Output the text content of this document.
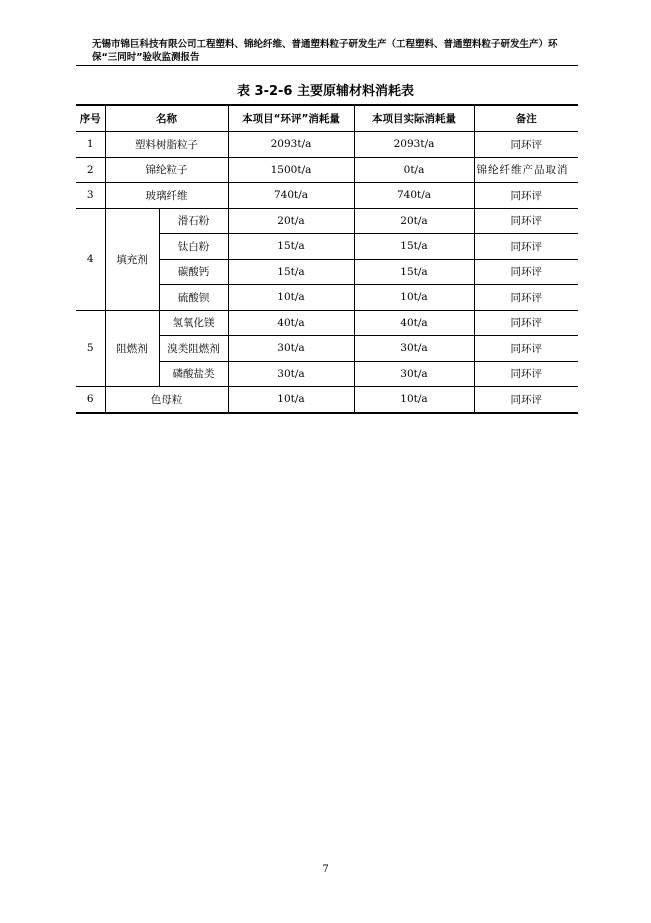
无锡市锦巨科技有限公司工程塑料、锦纶纤维、普通塑料粒子研发生产（工程塑料、普通塑料粒子研发生产）环保“三同时”验收监测报告
表 3-2-6 主要原辅材料消耗表
序号	名称		本项目“环评”消耗量	本项目实际消耗量	备注
1	塑料树脂粒子		2093t/a	2093t/a	同环评
2	锦纶粒子		1500t/a	0t/a	锦纶纤维产品取消
3	玻璃纤维		740t/a	740t/a	同环评
4	填充剂	滑石粉	20t/a	20t/a	同环评
		钛白粉	15t/a	15t/a	同环评
		碳酸钙	15t/a	15t/a	同环评
		硫酸钡	10t/a	10t/a	同环评
5	阻燃剂	氢氧化镁	40t/a	40t/a	同环评
		溴类阻燃剂	30t/a	30t/a	同环评
		磷酸盐类	30t/a	30t/a	同环评
6	色母粒		10t/a	10t/a	同环评
7
